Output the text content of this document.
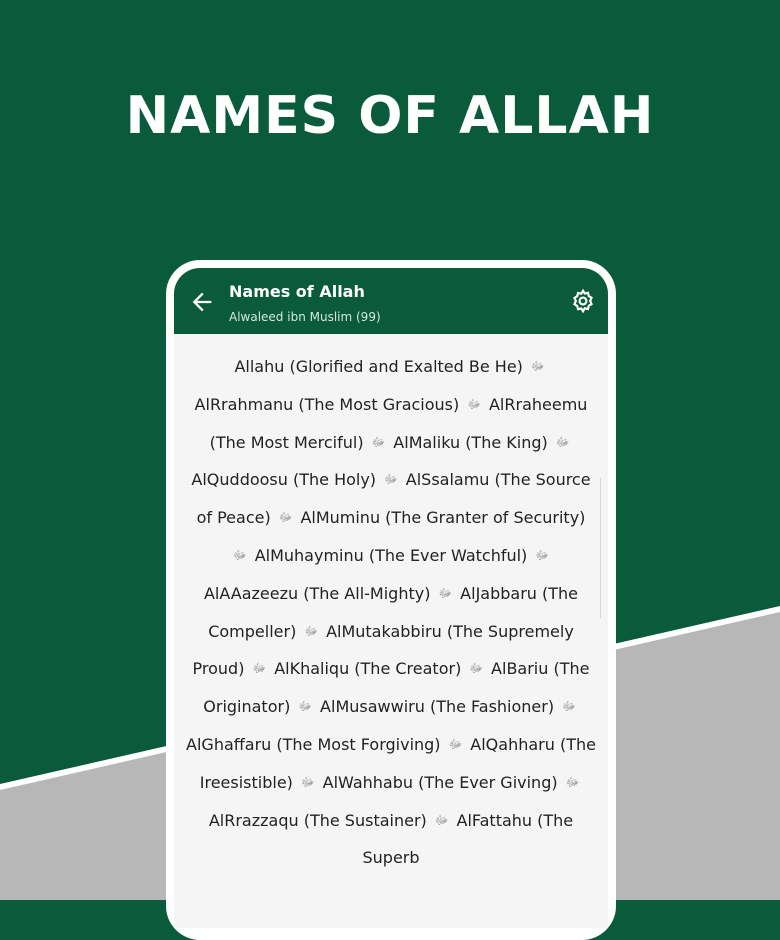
NAMES OF ALLAH
Names of Allah
Alwaleed ibn Muslim (99)

Allahu (Glorified and Exalted Be He) ﷻ AlRrahmanu (The Most Gracious) ﷻ AlRraheemu (The Most Merciful) ﷻ AlMaliku (The King) ﷻ AlQuddoosu (The Holy) ﷻ AlSsalamu (The Source of Peace) ﷻ AlMuminu (The Granter of Security) ﷻ AlMuhayminu (The Ever Watchful) ﷻ AlAAazeezu (The All-Mighty) ﷻ AlJabbaru (The Compeller) ﷻ AlMutakabbiru (The Supremely Proud) ﷻ AlKhaliqu (The Creator) ﷻ AlBariu (The Originator) ﷻ AlMusawwiru (The Fashioner) ﷻ AlGhaffaru (The Most Forgiving) ﷻ AlQahharu (The Ireesistible) ﷻ AlWahhabu (The Ever Giving) ﷻ AlRrazzaqu (The Sustainer) ﷻ AlFattahu (The Superb
